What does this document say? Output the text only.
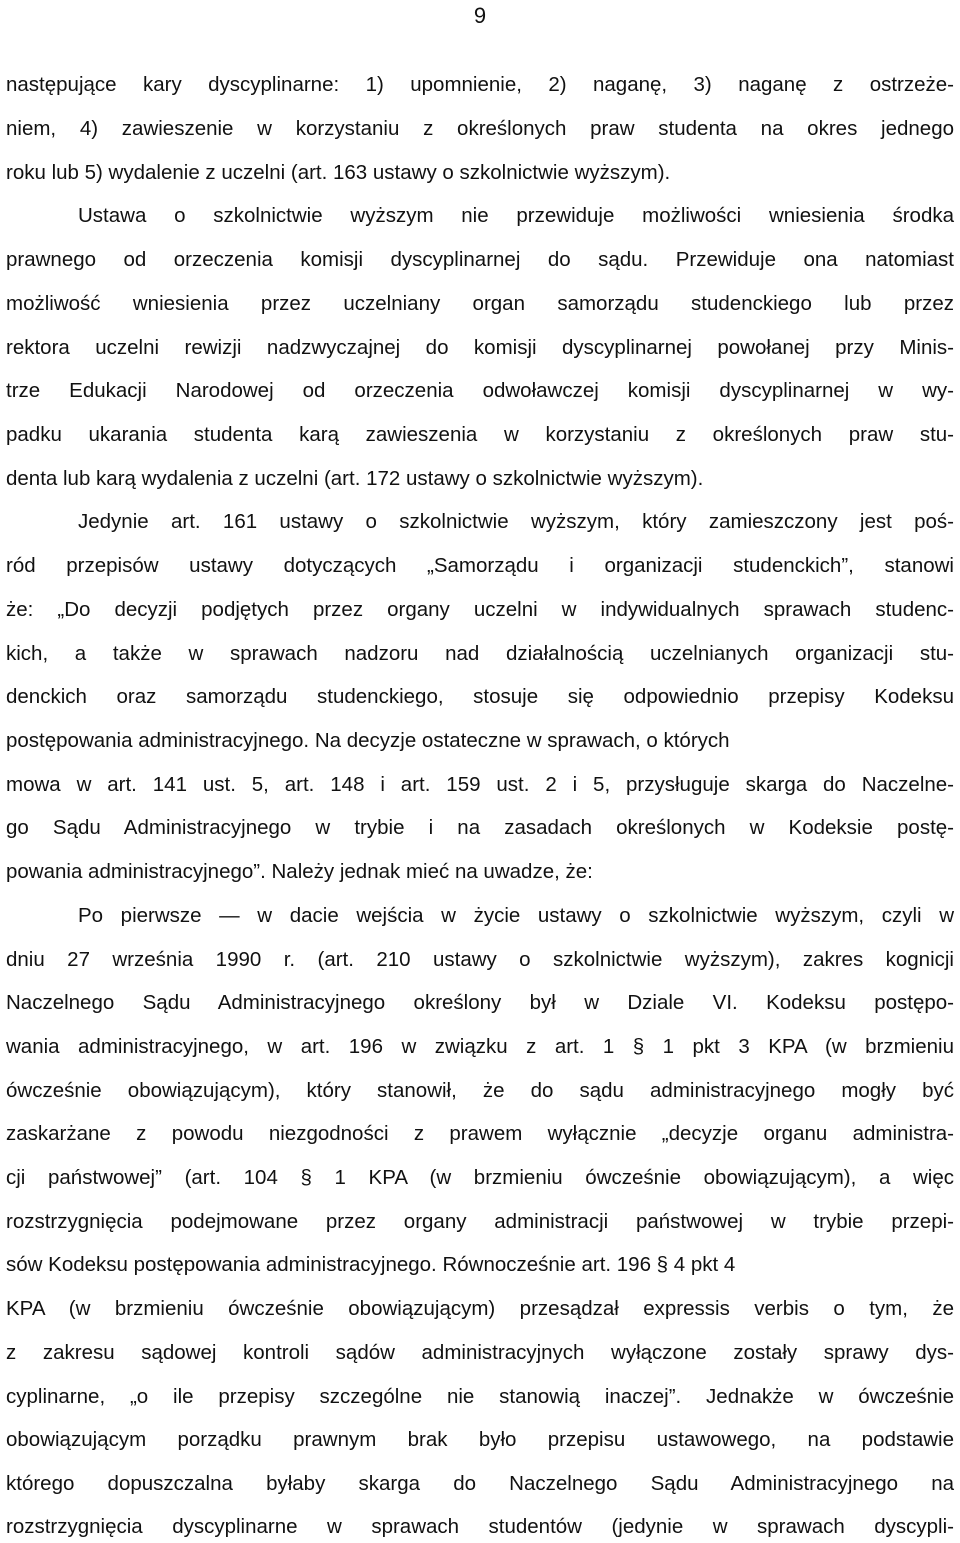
9
następujące kary dyscyplinarne: 1) upomnienie, 2) naganę, 3) naganę z ostrzeże-
niem, 4) zawieszenie w korzystaniu z określonych praw studenta na okres jednego
roku lub 5) wydalenie z uczelni (art. 163 ustawy o szkolnictwie wyższym).
Ustawa o szkolnictwie wyższym nie przewiduje możliwości wniesienia środka
prawnego od orzeczenia komisji dyscyplinarnej do sądu. Przewiduje ona natomiast
możliwość wniesienia przez uczelniany organ samorządu studenckiego lub przez
rektora uczelni rewizji nadzwyczajnej do komisji dyscyplinarnej powołanej przy Minis-
trze Edukacji Narodowej od orzeczenia odwoławczej komisji dyscyplinarnej w wy-
padku ukarania studenta karą zawieszenia w korzystaniu z określonych praw stu-
denta lub karą wydalenia z uczelni (art. 172 ustawy o szkolnictwie wyższym).
Jedynie art. 161 ustawy o szkolnictwie wyższym, który zamieszczony jest poś-
ród przepisów ustawy dotyczących „Samorządu i organizacji studenckich”, stanowi
że: „Do decyzji podjętych przez organy uczelni w indywidualnych sprawach studenc-
kich, a także w sprawach nadzoru nad działalnością uczelnianych organizacji stu-
denckich oraz samorządu studenckiego, stosuje się odpowiednio przepisy Kodeksu
postępowania administracyjnego. Na decyzje ostateczne w sprawach, o których
mowa w art. 141 ust. 5, art. 148 i art. 159 ust. 2 i 5, przysługuje skarga do Naczelne-
go Sądu Administracyjnego w trybie i na zasadach określonych w Kodeksie postę-
powania administracyjnego”. Należy jednak mieć na uwadze, że:
Po pierwsze — w dacie wejścia w życie ustawy o szkolnictwie wyższym, czyli w
dniu 27 września 1990 r. (art. 210 ustawy o szkolnictwie wyższym), zakres kognicji
Naczelnego Sądu Administracyjnego określony był w Dziale VI. Kodeksu postępo-
wania administracyjnego, w art. 196 w związku z art. 1 § 1 pkt 3 KPA (w brzmieniu
ówcześnie obowiązującym), który stanowił, że do sądu administracyjnego mogły być
zaskarżane z powodu niezgodności z prawem wyłącznie „decyzje organu administra-
cji państwowej” (art. 104 § 1 KPA (w brzmieniu ówcześnie obowiązującym), a więc
rozstrzygnięcia podejmowane przez organy administracji państwowej w trybie przepi-
sów Kodeksu postępowania administracyjnego. Równocześnie art. 196 § 4 pkt 4
KPA (w brzmieniu ówcześnie obowiązującym) przesądzał expressis verbis o tym, że
z zakresu sądowej kontroli sądów administracyjnych wyłączone zostały sprawy dys-
cyplinarne, „o ile przepisy szczególne nie stanowią inaczej”. Jednakże w ówcześnie
obowiązującym porządku prawnym brak było przepisu ustawowego, na podstawie
którego dopuszczalna byłaby skarga do Naczelnego Sądu Administracyjnego na
rozstrzygnięcia dyscyplinarne w sprawach studentów (jedynie w sprawach dyscypli-
